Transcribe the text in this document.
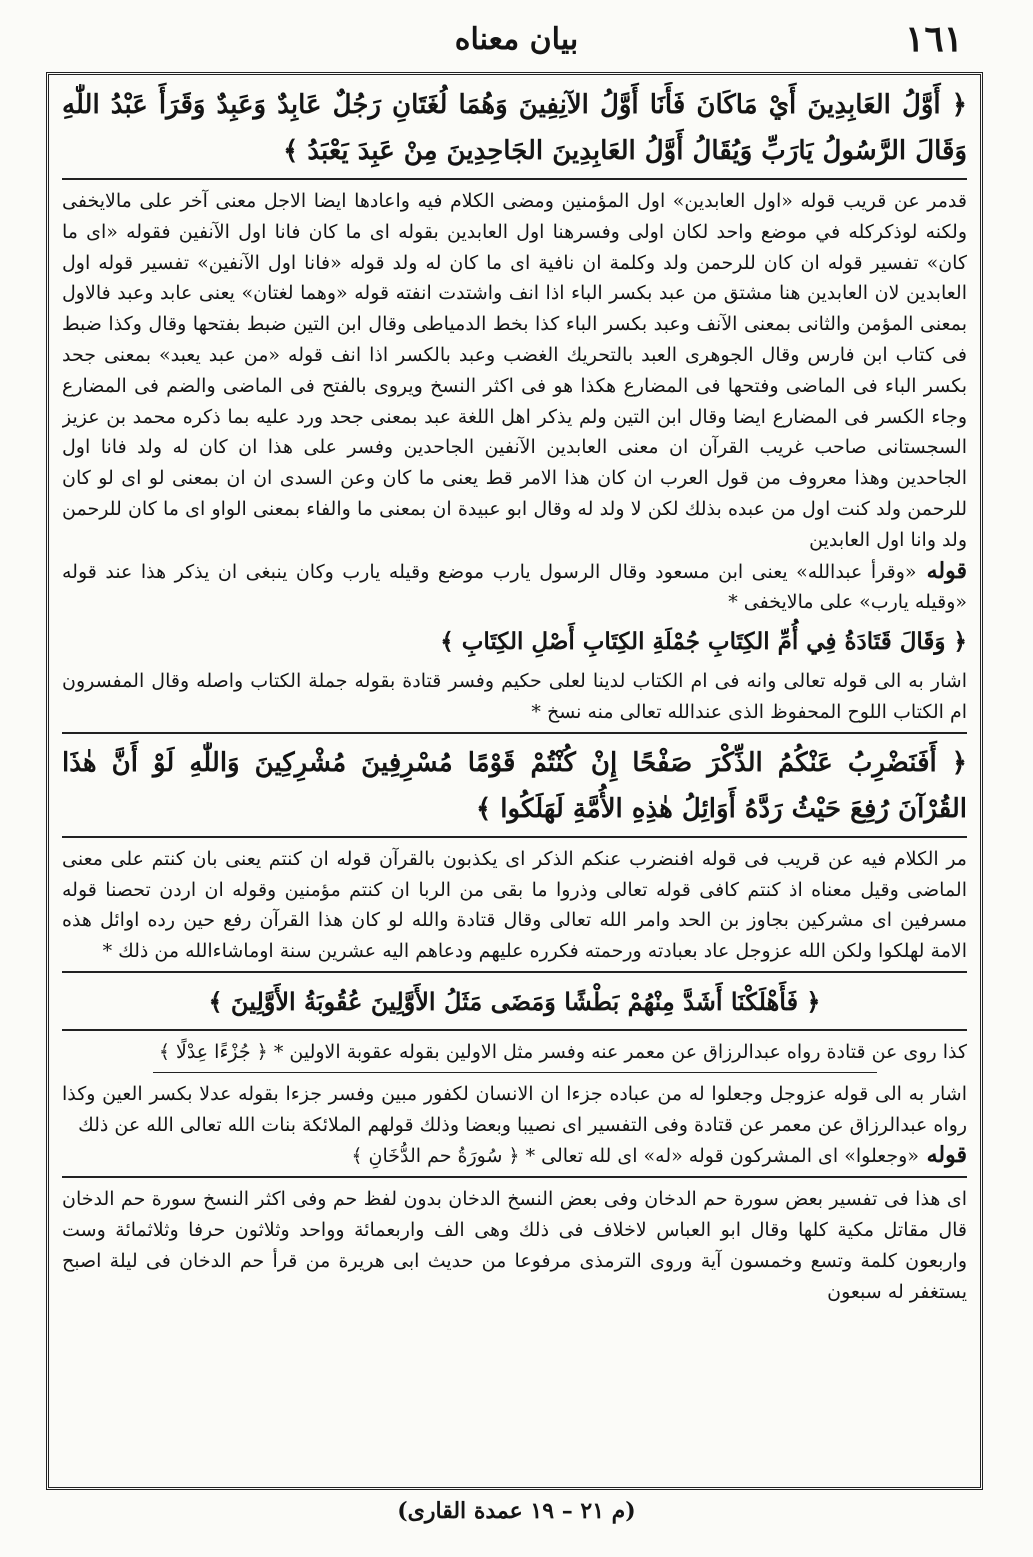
١٦١
بيان معناه

﴿ أَوَّلُ العَابِدِينَ أَيْ مَاكَانَ فَأَنَا أَوَّلُ الآنِفِينَ وَهُمَا لُغَتَانِ رَجُلٌ عَابِدٌ وَعَبِدٌ وَقَرَأَ عَبْدُ اللّٰهِ وَقَالَ الرَّسُولُ يَارَبِّ وَيُقَالُ أَوَّلُ العَابِدِينَ الجَاحِدِينَ مِنْ عَبِدَ يَعْبَدُ ﴾

قدمر عن قريب قوله «اول العابدين» اول المؤمنين ومضى الكلام فيه واعادها ايضا الاجل معنى آخر على مالايخفى ولكنه لوذكركله في موضع واحد لكان اولى وفسرهنا اول العابدين بقوله اى ما كان فانا اول الآنفين فقوله «اى ما كان» تفسير قوله ان كان للرحمن ولد وكلمة ان نافية اى ما كان له ولد قوله «فانا اول الآنفين» تفسير قوله اول العابدين لان العابدين هنا مشتق من عبد بكسر الباء اذا انف واشتدت انفته قوله «وهما لغتان» يعنى عابد وعبد فالاول بمعنى المؤمن والثانى بمعنى الآنف وعبد بكسر الباء كذا بخط الدمياطى وقال ابن التين ضبط بفتحها وقال وكذا ضبط فى كتاب ابن فارس وقال الجوهرى العبد بالتحريك الغضب وعبد بالكسر اذا انف قوله «من عبد يعبد» بمعنى جحد بكسر الباء فى الماضى وفتحها فى المضارع هكذا هو فى اكثر النسخ ويروى بالفتح فى الماضى والضم فى المضارع وجاء الكسر فى المضارع ايضا وقال ابن التين ولم يذكر اهل اللغة عبد بمعنى جحد ورد عليه بما ذكره محمد بن عزيز السجستانى صاحب غريب القرآن ان معنى العابدين الآنفين الجاحدين وفسر على هذا ان كان له ولد فانا اول الجاحدين وهذا معروف من قول العرب ان كان هذا الامر قط يعنى ما كان وعن السدى ان ان بمعنى لو اى لو كان للرحمن ولد كنت اول من عبده بذلك لكن لا ولد له وقال ابو عبيدة ان بمعنى ما والفاء بمعنى الواو اى ما كان للرحمن ولد وانا اول العابدين

قوله «وقرأ عبدالله» يعنى ابن مسعود وقال الرسول يارب موضع وقيله يارب وكان ينبغى ان يذكر هذا عند قوله «وقيله يارب» على مالايخفى *

﴿ وَقَالَ قَتَادَةُ فِي أُمِّ الكِتَابِ جُمْلَةِ الكِتَابِ أَصْلِ الكِتَابِ ﴾

اشار به الى قوله تعالى وانه فى ام الكتاب لدينا لعلى حكيم وفسر قتادة بقوله جملة الكتاب واصله وقال المفسرون ام الكتاب اللوح المحفوظ الذى عندالله تعالى منه نسخ *

﴿ أَفَنَضْرِبُ عَنْكُمُ الذِّكْرَ صَفْحًا إِنْ كُنْتُمْ قَوْمًا مُسْرِفِينَ مُشْرِكِينَ وَاللّٰهِ لَوْ أَنَّ هٰذَا القُرْآنَ رُفِعَ حَيْثُ رَدَّهُ أَوَائِلُ هٰذِهِ الأُمَّةِ لَهَلَكُوا ﴾

مر الكلام فيه عن قريب فى قوله افنضرب عنكم الذكر اى يكذبون بالقرآن قوله ان كنتم يعنى بان كنتم على معنى الماضى وقيل معناه اذ كنتم كافى قوله تعالى وذروا ما بقى من الربا ان كنتم مؤمنين وقوله ان اردن تحصنا قوله مسرفين اى مشركين بجاوز بن الحد وامر الله تعالى وقال قتادة والله لو كان هذا القرآن رفع حين رده اوائل هذه الامة لهلكوا ولكن الله عزوجل عاد بعبادته ورحمته فكرره عليهم ودعاهم اليه عشرين سنة اوماشاءالله من ذلك *

﴿ فَأَهْلَكْنَا أَشَدَّ مِنْهُمْ بَطْشًا وَمَضَى مَثَلُ الأَوَّلِينَ عُقُوبَةُ الأَوَّلِينَ ﴾

كذا روى عن قتادة رواه عبدالرزاق عن معمر عنه وفسر مثل الاولين بقوله عقوبة الاولين * ﴿ جُزْءًا عِدْلًا ﴾

اشار به الى قوله عزوجل وجعلوا له من عباده جزءا ان الانسان لكفور مبين وفسر جزءا بقوله عدلا بكسر العين وكذا رواه عبدالرزاق عن معمر عن قتادة وفى التفسير اى نصيبا وبعضا وذلك قولهم الملائكة بنات الله تعالى الله عن ذلك

قوله «وجعلوا» اى المشركون قوله «له» اى لله تعالى * ﴿ سُورَةُ حم الدُّخَانِ ﴾

اى هذا فى تفسير بعض سورة حم الدخان وفى بعض النسخ الدخان بدون لفظ حم وفى اكثر النسخ سورة حم الدخان قال مقاتل مكية كلها وقال ابو العباس لاخلاف فى ذلك وهى الف واربعمائة وواحد وثلاثون حرفا وثلاثمائة وست واربعون كلمة وتسع وخمسون آية وروى الترمذى مرفوعا من حديث ابى هريرة من قرأ حم الدخان فى ليلة اصبح يستغفر له سبعون

(م ٢١ – ١٩ عمدة القارى)
